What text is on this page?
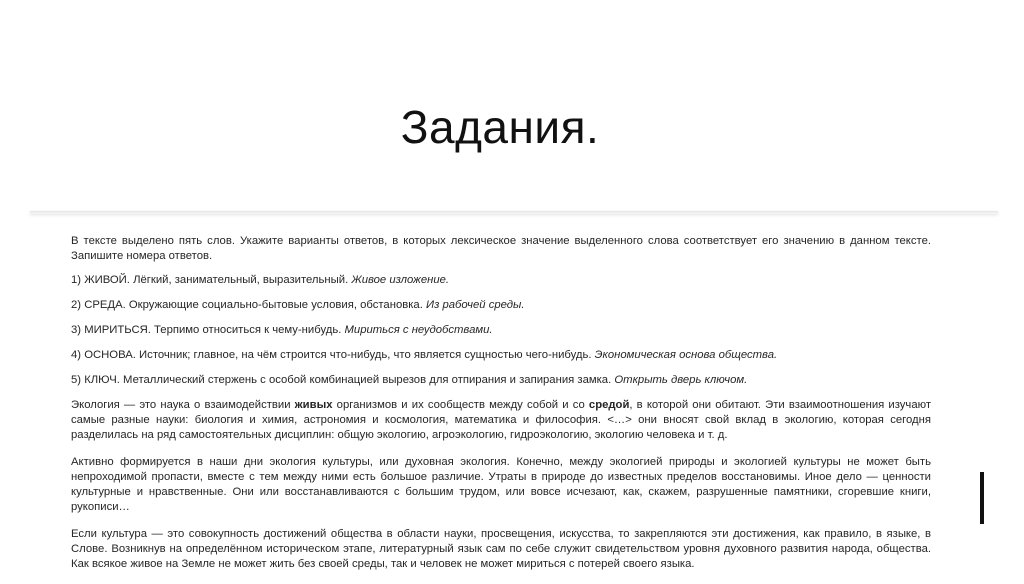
Задания.

В тексте выделено пять слов. Укажите варианты ответов, в которых лексическое значение выделенного слова соответствует его значению в данном тексте. Запишите номера ответов.

1) ЖИВОЙ. Лёгкий, занимательный, выразительный. Живое изложение.

2) СРЕДА. Окружающие социально-бытовые условия, обстановка. Из рабочей среды.

3) МИРИТЬСЯ. Терпимо относиться к чему-нибудь. Мириться с неудобствами.

4) ОСНОВА. Источник; главное, на чём строится что-нибудь, что является сущностью чего-нибудь. Экономическая основа общества.

5) КЛЮЧ. Металлический стержень с особой комбинацией вырезов для отпирания и запирания замка. Открыть дверь ключом.

Экология — это наука о взаимодействии живых организмов и их сообществ между собой и со средой, в которой они обитают. Эти взаимоотношения изучают самые разные науки: биология и химия, астрономия и космология, математика и философия. <…> они вносят свой вклад в экологию, которая сегодня разделилась на ряд самостоятельных дисциплин: общую экологию, агроэкологию, гидроэкологию, экологию человека и т. д.

Активно формируется в наши дни экология культуры, или духовная экология. Конечно, между экологией природы и экологией культуры не может быть непроходимой пропасти, вместе с тем между ними есть большое различие. Утраты в природе до известных пределов восстановимы. Иное дело — ценности культурные и нравственные. Они или восстанавливаются с большим трудом, или вовсе исчезают, как, скажем, разрушенные памятники, сгоревшие книги, рукописи…

Если культура — это совокупность достижений общества в области науки, просвещения, искусства, то закрепляются эти достижения, как правило, в языке, в Слове. Возникнув на определённом историческом этапе, литературный язык сам по себе служит свидетельством уровня духовного развития народа, общества. Как всякое живое на Земле не может жить без своей среды, так и человек не может мириться с потерей своего языка.
